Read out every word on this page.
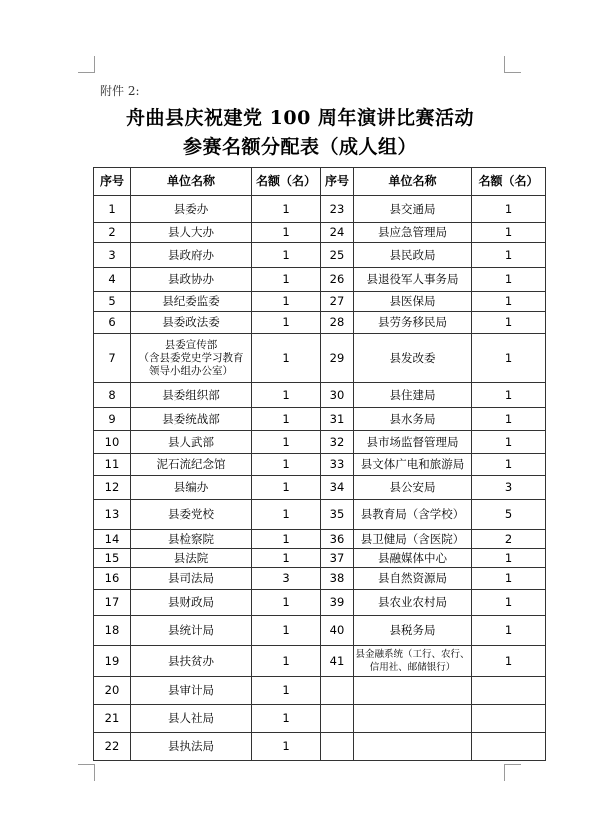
附件 2:
舟曲县庆祝建党 100 周年演讲比赛活动
参赛名额分配表（成人组）
序号	单位名称	名额（名）	序号	单位名称	名额（名）
1	县委办	1	23	县交通局	1
2	县人大办	1	24	县应急管理局	1
3	县政府办	1	25	县民政局	1
4	县政协办	1	26	县退役军人事务局	1
5	县纪委监委	1	27	县医保局	1
6	县委政法委	1	28	县劳务移民局	1
7	县委宣传部
（含县委党史学习教育
领导小组办公室）	1	29	县发改委	1
8	县委组织部	1	30	县住建局	1
9	县委统战部	1	31	县水务局	1
10	县人武部	1	32	县市场监督管理局	1
11	泥石流纪念馆	1	33	县文体广电和旅游局	1
12	县编办	1	34	县公安局	3
13	县委党校	1	35	县教育局（含学校）	5
14	县检察院	1	36	县卫健局（含医院）	2
15	县法院	1	37	县融媒体中心	1
16	县司法局	3	38	县自然资源局	1
17	县财政局	1	39	县农业农村局	1
18	县统计局	1	40	县税务局	1
19	县扶贫办	1	41	县金融系统（工行、农行、
信用社、邮储银行）	1
20	县审计局	1			
21	县人社局	1			
22	县执法局	1			
